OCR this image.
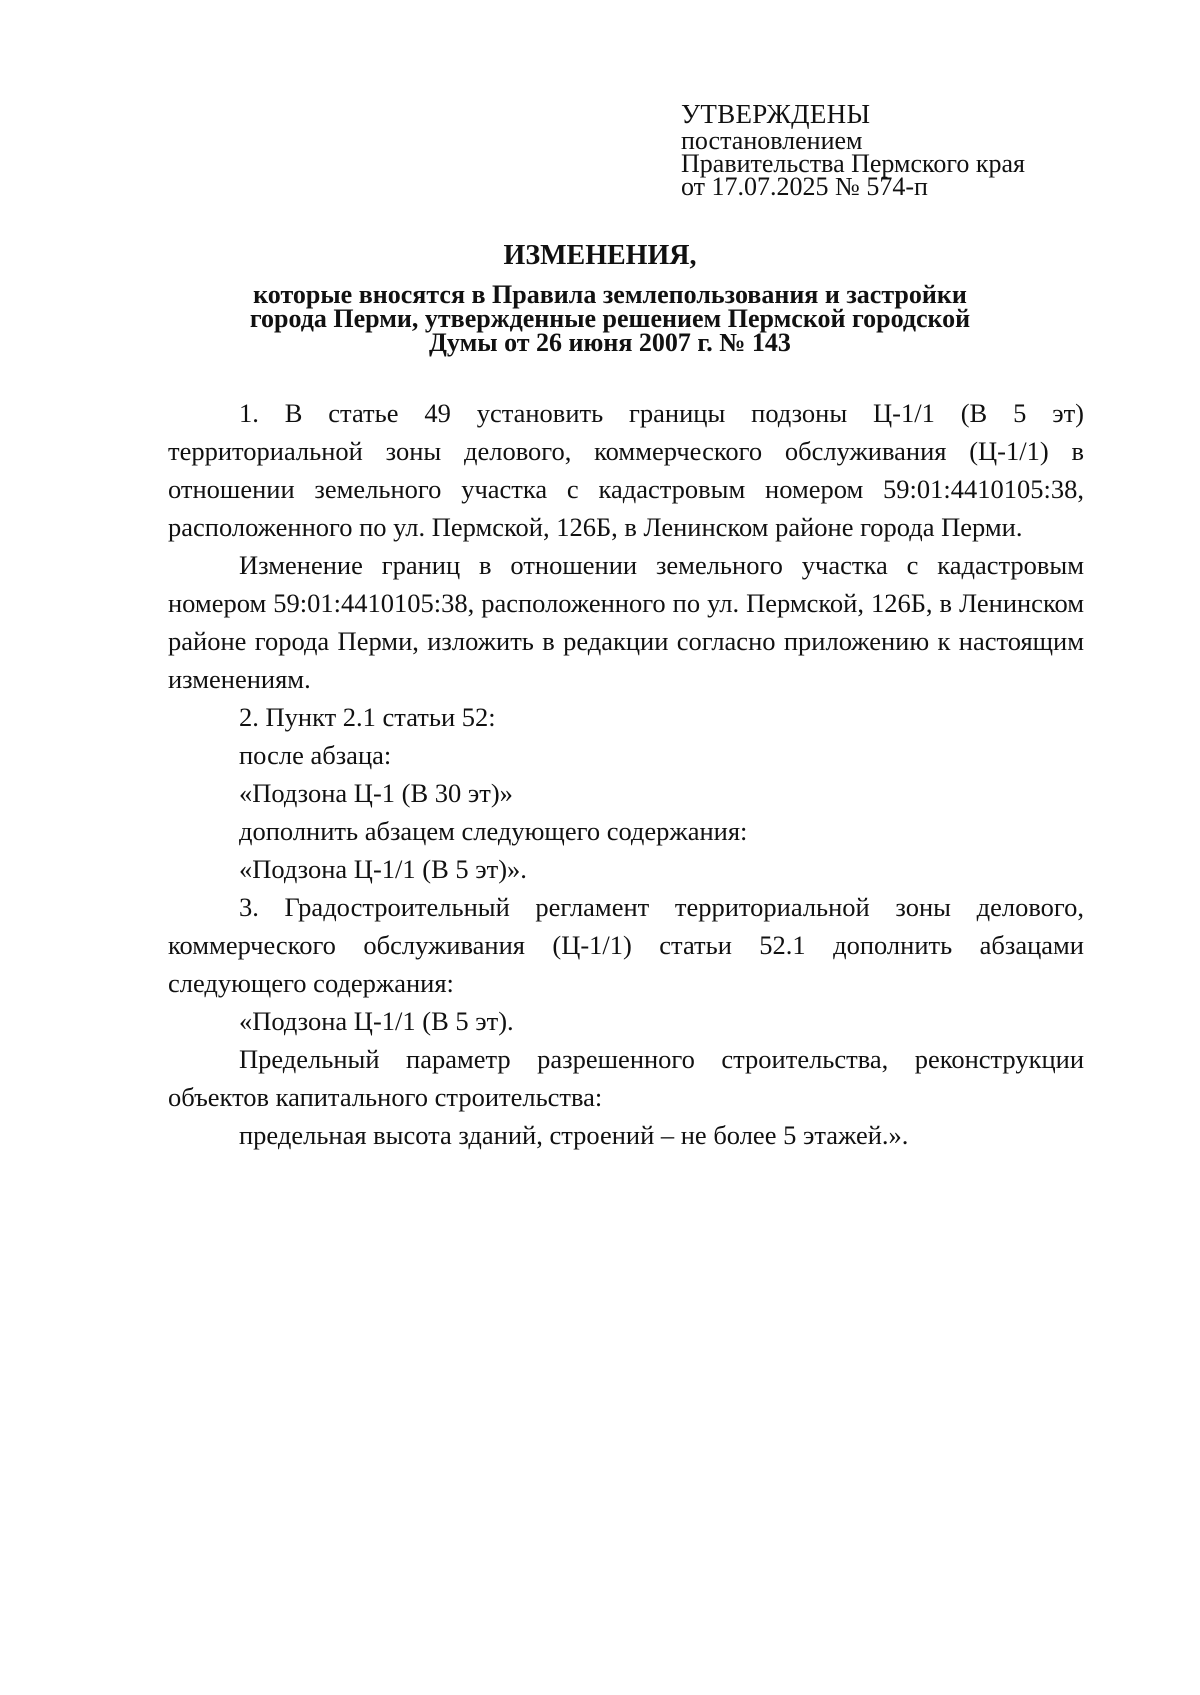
УТВЕРЖДЕНЫ
постановлением
Правительства Пермского края
от 17.07.2025 № 574-п
ИЗМЕНЕНИЯ,
которые вносятся в Правила землепользования и застройки
города Перми, утвержденные решением Пермской городской
Думы от 26 июня 2007 г. № 143

1. В статье 49 установить границы подзоны Ц-1/1 (В 5 эт) территориальной зоны делового, коммерческого обслуживания (Ц-1/1) в отношении земельного участка с кадастровым номером 59:01:4410105:38, расположенного по ул. Пермской, 126Б, в Ленинском районе города Перми.

Изменение границ в отношении земельного участка с кадастровым номером 59:01:4410105:38, расположенного по ул. Пермской, 126Б, в Ленинском районе города Перми, изложить в редакции согласно приложению к настоящим изменениям.

2. Пункт 2.1 статьи 52:

после абзаца:

«Подзона Ц-1 (В 30 эт)»

дополнить абзацем следующего содержания:

«Подзона Ц-1/1 (В 5 эт)».

3. Градостроительный регламент территориальной зоны делового, коммерческого обслуживания (Ц-1/1) статьи 52.1 дополнить абзацами следующего содержания:

«Подзона Ц-1/1 (В 5 эт).

Предельный параметр разрешенного строительства, реконструкции объектов капитального строительства:

предельная высота зданий, строений – не более 5 этажей.».
